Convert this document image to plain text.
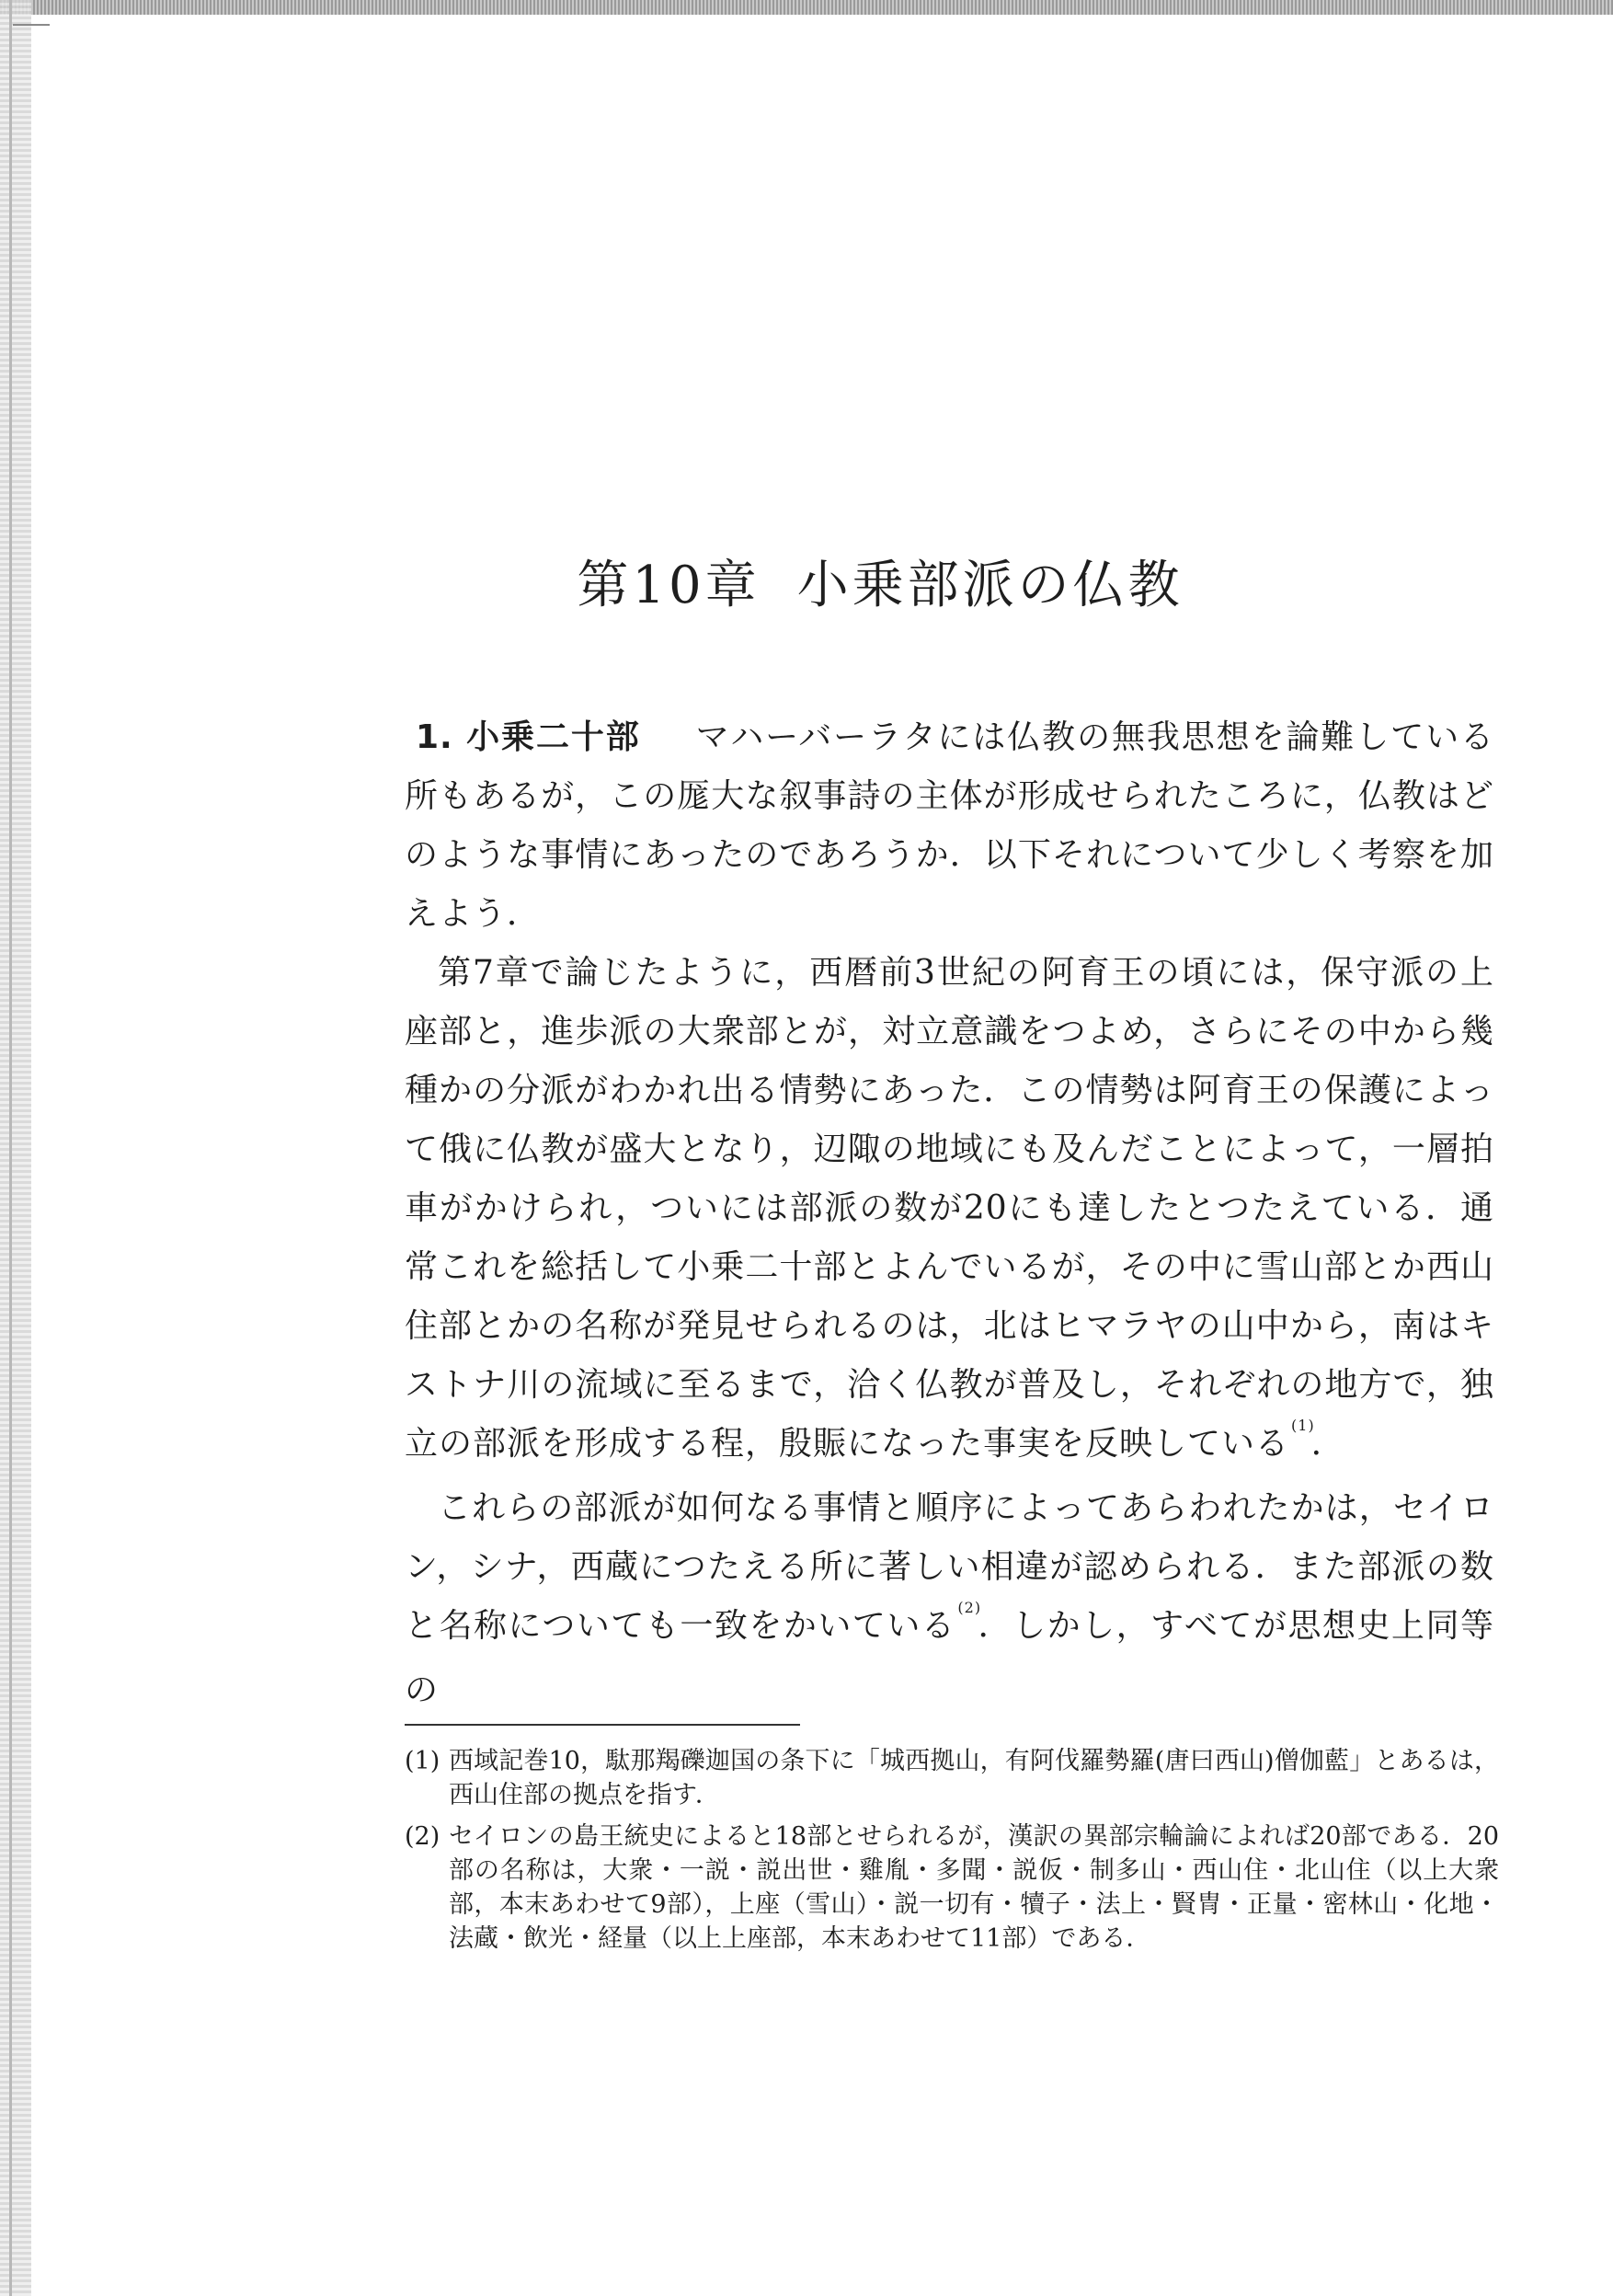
第10章 小乗部派の仏教

1. 小乗二十部 マハーバーラタには仏教の無我思想を論難している所もあるが，この厖大な叙事詩の主体が形成せられたころに，仏教はどのような事情にあったのであろうか．以下それについて少しく考察を加えよう．

第7章で論じたように，西暦前3世紀の阿育王の頃には，保守派の上座部と，進歩派の大衆部とが，対立意識をつよめ，さらにその中から幾種かの分派がわかれ出る情勢にあった．この情勢は阿育王の保護によって俄に仏教が盛大となり，辺陬の地域にも及んだことによって，一層拍車がかけられ，ついには部派の数が20にも達したとつたえている．通常これを総括して小乗二十部とよんでいるが，その中に雪山部とか西山住部とかの名称が発見せられるのは，北はヒマラヤの山中から，南はキストナ川の流域に至るまで，洽く仏教が普及し，それぞれの地方で，独立の部派を形成する程，殷賑になった事実を反映している $^{(1)}$．

これらの部派が如何なる事情と順序によってあらわれたかは，セイロン，シナ，西蔵につたえる所に著しい相違が認められる．また部派の数と名称についても一致をかいている $^{(2)}$．しかし，すべてが思想史上同等の

(1) 西域記巻10，駄那羯礫迦国の条下に「城西拠山，有阿伐羅勢羅(唐曰西山)僧伽藍」とあるは，西山住部の拠点を指す．
(2) セイロンの島王統史によると18部とせられるが，漢訳の異部宗輪論によれば20部である．20部の名称は，大衆・一説・説出世・雞胤・多聞・説仮・制多山・西山住・北山住（以上大衆部，本末あわせて9部），上座（雪山）・説一切有・犢子・法上・賢冑・正量・密林山・化地・法蔵・飲光・経量（以上上座部，本末あわせて11部）である．
